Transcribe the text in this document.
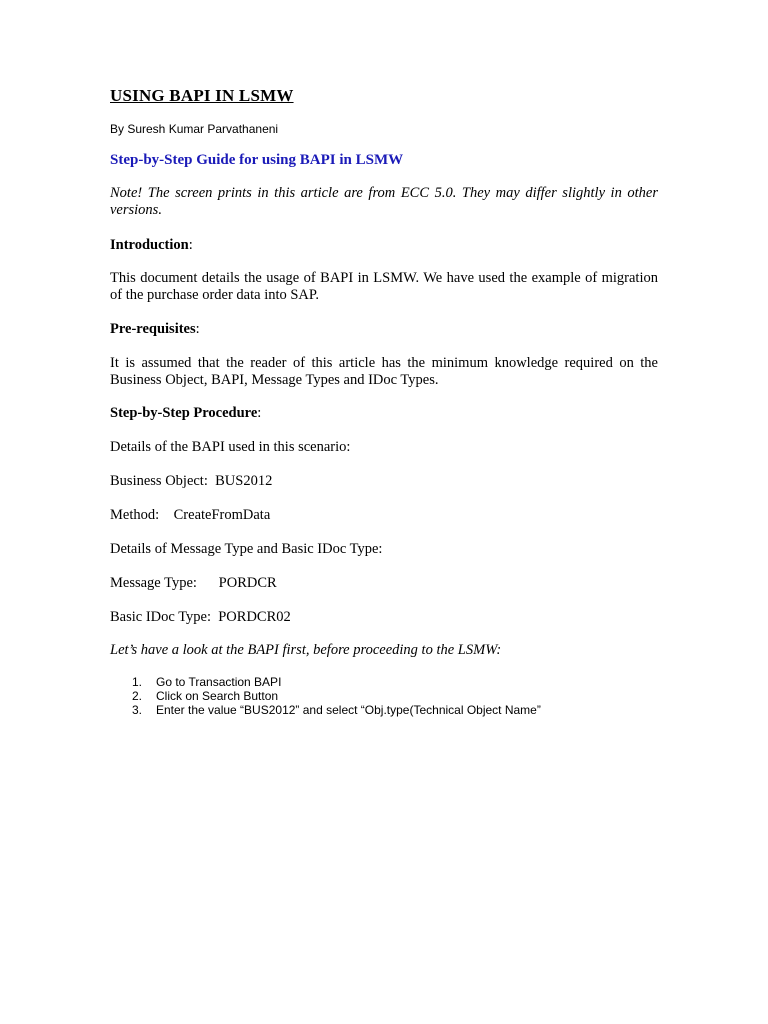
USING BAPI IN LSMW

By Suresh Kumar Parvathaneni

Step-by-Step Guide for using BAPI in LSMW

Note! The screen prints in this article are from ECC 5.0. They may differ slightly in other versions.

Introduction:

This document details the usage of BAPI in LSMW. We have used the example of migration of the purchase order data into SAP.

Pre-requisites:

It is assumed that the reader of this article has the minimum knowledge required on the Business Object, BAPI, Message Types and IDoc Types.

Step-by-Step Procedure:

Details of the BAPI used in this scenario:

Business Object:  BUS2012

Method:    CreateFromData

Details of Message Type and Basic IDoc Type:

Message Type:      PORDCR

Basic IDoc Type:  PORDCR02

Let’s have a look at the BAPI first, before proceeding to the LSMW:

1.	Go to Transaction BAPI
2.	Click on Search Button
3.	Enter the value “BUS2012” and select “Obj.type(Technical Object Name”
